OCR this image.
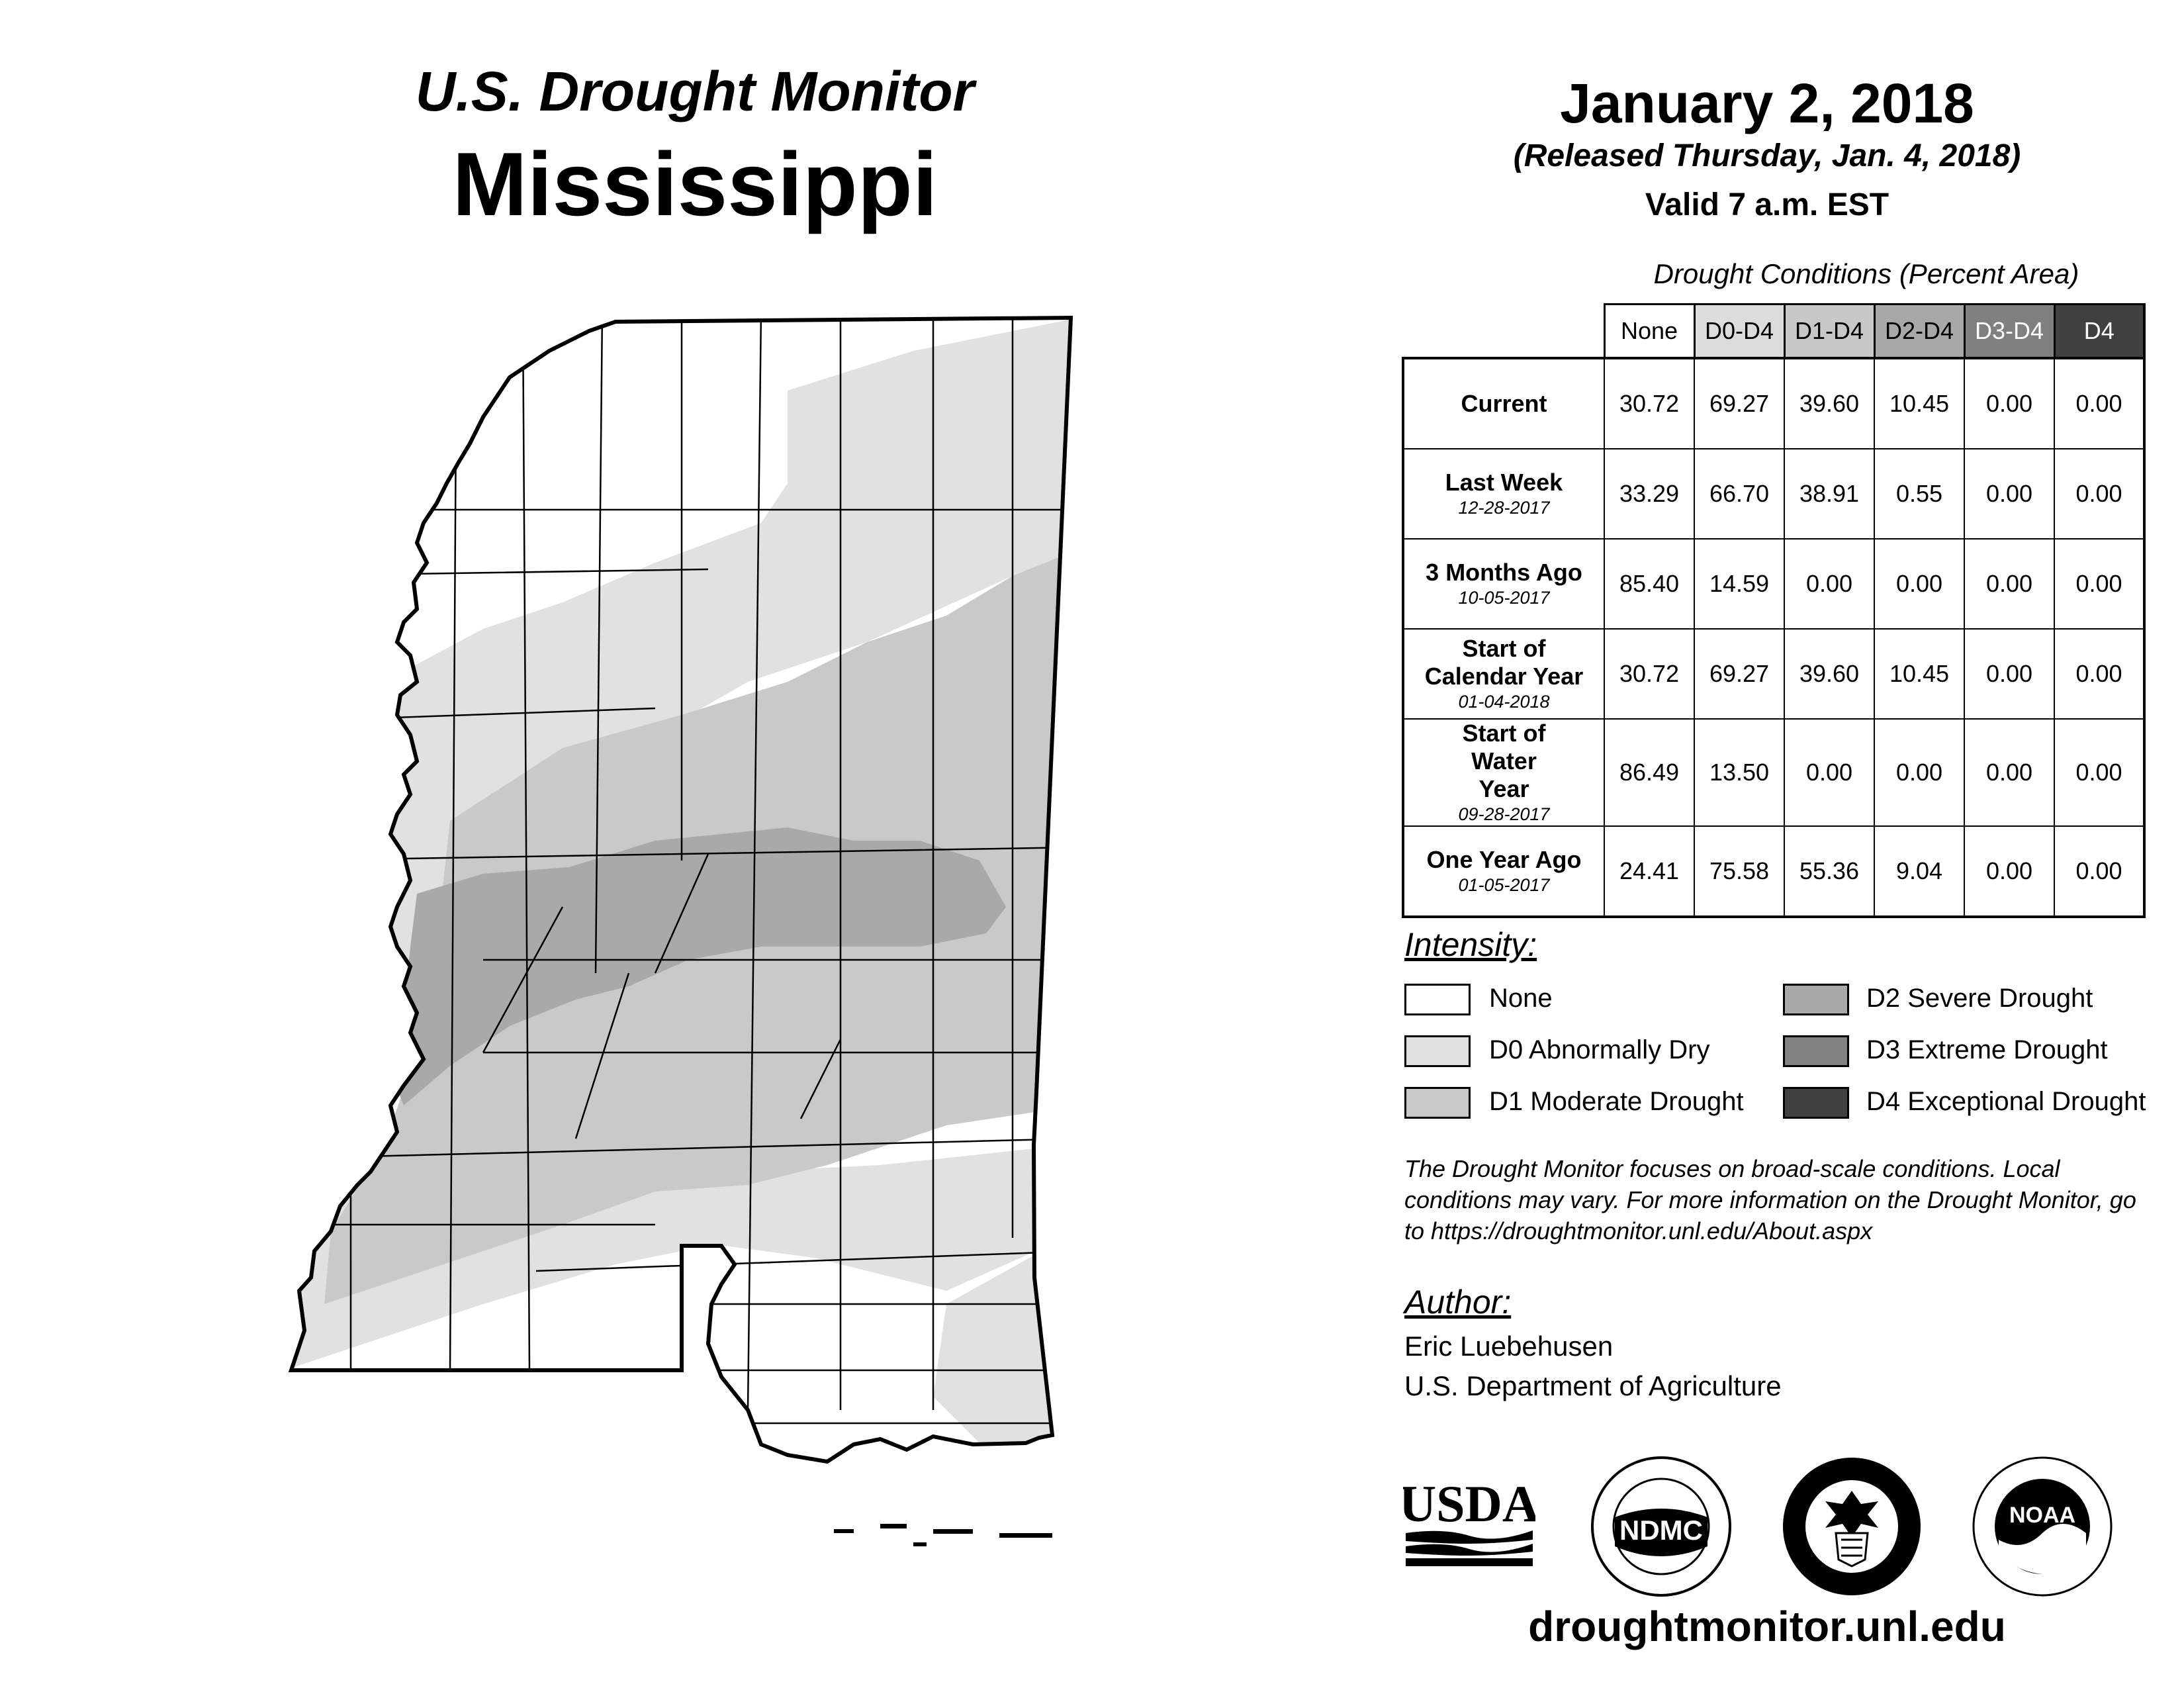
U.S. Drought Monitor
Mississippi
January 2, 2018
(Released Thursday, Jan. 4, 2018)
Valid 7 a.m. EST
Drought Conditions (Percent Area)
	None	D0-D4	D1-D4	D2-D4	D3-D4	D4
Current	30.72	69.27	39.60	10.45	0.00	0.00
Last Week
12-28-2017	33.29	66.70	38.91	0.55	0.00	0.00
3 Months Ago
10-05-2017	85.40	14.59	0.00	0.00	0.00	0.00

Start of Calendar Year
01-04-2018	30.72	69.27	39.60	10.45	0.00	0.00

Start of Water Year
09-28-2017	86.49	13.50	0.00	0.00	0.00	0.00
One Year Ago
01-05-2017	24.41	75.58	55.36	9.04	0.00	0.00
Intensity:
None
D0 Abnormally Dry
D1 Moderate Drought
D2 Severe Drought
D3 Extreme Drought
D4 Exceptional Drought
The Drought Monitor focuses on broad-scale conditions. Local conditions may vary. For more information on the Drought Monitor, go to https://droughtmonitor.unl.edu/About.aspx
Author:
Eric Luebehusen
U.S. Department of Agriculture
USDA	NDMC	NOAA
droughtmonitor.unl.edu
